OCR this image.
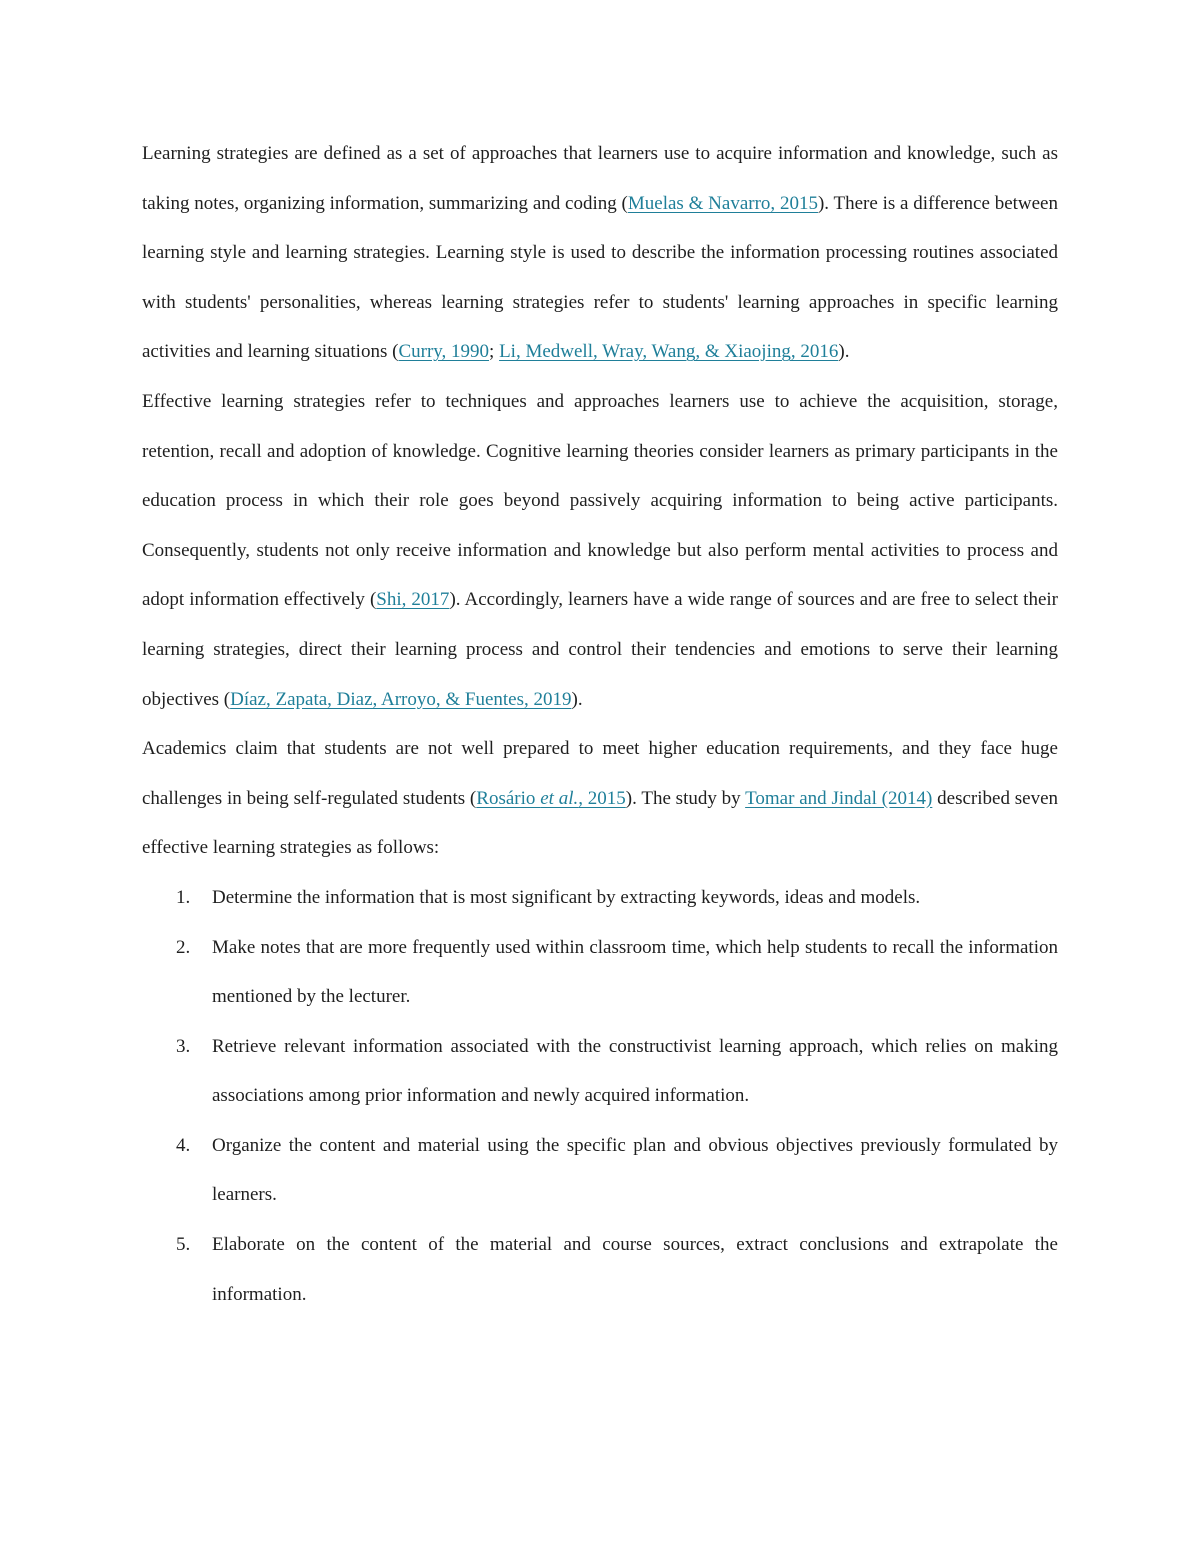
Learning strategies are defined as a set of approaches that learners use to acquire information and knowledge, such as taking notes, organizing information, summarizing and coding (Muelas & Navarro, 2015). There is a difference between learning style and learning strategies. Learning style is used to describe the information processing routines associated with students' personalities, whereas learning strategies refer to students' learning approaches in specific learning activities and learning situations (Curry, 1990; Li, Medwell, Wray, Wang, & Xiaojing, 2016).

Effective learning strategies refer to techniques and approaches learners use to achieve the acquisition, storage, retention, recall and adoption of knowledge. Cognitive learning theories consider learners as primary participants in the education process in which their role goes beyond passively acquiring information to being active participants. Consequently, students not only receive information and knowledge but also perform mental activities to process and adopt information effectively (Shi, 2017). Accordingly, learners have a wide range of sources and are free to select their learning strategies, direct their learning process and control their tendencies and emotions to serve their learning objectives (Díaz, Zapata, Diaz, Arroyo, & Fuentes, 2019).

Academics claim that students are not well prepared to meet higher education requirements, and they face huge challenges in being self-regulated students (Rosário et al., 2015). The study by Tomar and Jindal (2014) described seven effective learning strategies as follows:

1. Determine the information that is most significant by extracting keywords, ideas and models.
2. Make notes that are more frequently used within classroom time, which help students to recall the information mentioned by the lecturer.
3. Retrieve relevant information associated with the constructivist learning approach, which relies on making associations among prior information and newly acquired information.
4. Organize the content and material using the specific plan and obvious objectives previously formulated by learners.
5. Elaborate on the content of the material and course sources, extract conclusions and extrapolate the information.
